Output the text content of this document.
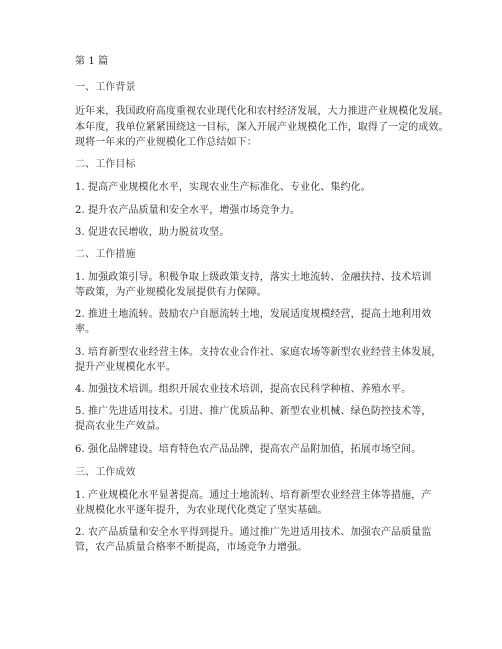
第 1 篇
一、工作背景
近年来，我国政府高度重视农业现代化和农村经济发展，大力推进产业规模化发展。
本年度，我单位紧紧围绕这一目标，深入开展产业规模化工作，取得了一定的成效。
现将一年来的产业规模化工作总结如下：
二、工作目标
1. 提高产业规模化水平，实现农业生产标准化、专业化、集约化。
2. 提升农产品质量和安全水平，增强市场竞争力。
3. 促进农民增收，助力脱贫攻坚。
二、工作措施
1. 加强政策引导。积极争取上级政策支持，落实土地流转、金融扶持、技术培训
等政策，为产业规模化发展提供有力保障。
2. 推进土地流转。鼓励农户自愿流转土地，发展适度规模经营，提高土地利用效
率。
3. 培育新型农业经营主体。支持农业合作社、家庭农场等新型农业经营主体发展，
提升产业规模化水平。
4. 加强技术培训。组织开展农业技术培训，提高农民科学种植、养殖水平。
5. 推广先进适用技术。引进、推广优质品种、新型农业机械、绿色防控技术等，
提高农业生产效益。
6. 强化品牌建设。培育特色农产品品牌，提高农产品附加值，拓展市场空间。
三、工作成效
1. 产业规模化水平显著提高。通过土地流转、培育新型农业经营主体等措施，产
业规模化水平逐年提升，为农业现代化奠定了坚实基础。
2. 农产品质量和安全水平得到提升。通过推广先进适用技术、加强农产品质量监
管，农产品质量合格率不断提高，市场竞争力增强。
